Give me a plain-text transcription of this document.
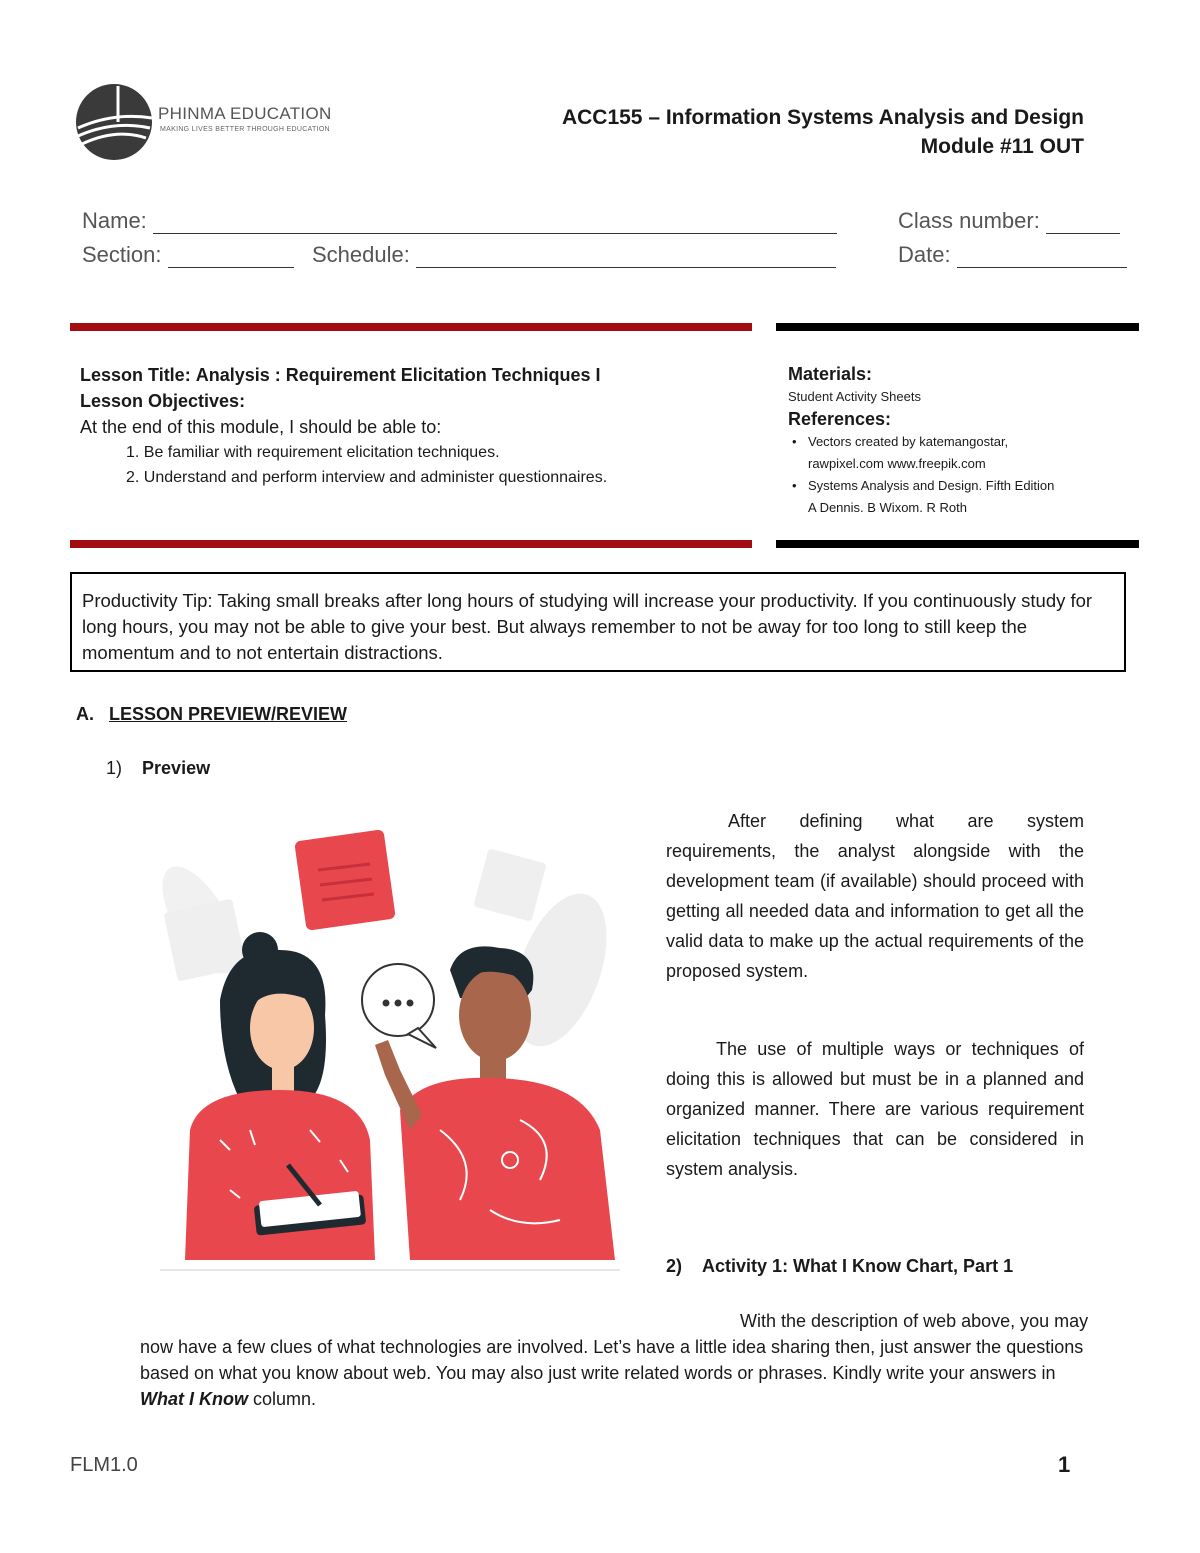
PHINMA EDUCATION
MAKING LIVES BETTER THROUGH EDUCATION
ACC155 – Information Systems Analysis and Design
Module #11 OUT
Name:	Class number:
Section:	Schedule:	Date:
Lesson Title: Analysis : Requirement Elicitation Techniques I
Lesson Objectives:
At the end of this module, I should be able to:
1. Be familiar with requirement elicitation techniques.
2. Understand and perform interview and administer questionnaires.
Materials:
Student Activity Sheets
References:
• Vectors created by katemangostar,
rawpixel.com www.freepik.com
• Systems Analysis and Design. Fifth Edition
A Dennis. B Wixom. R Roth
Productivity Tip: Taking small breaks after long hours of studying will increase your productivity. If you continuously study for long hours, you may not be able to give your best. But always remember to not be away for too long to still keep the momentum and to not entertain distractions.
A. LESSON PREVIEW/REVIEW
1) Preview
After defining what are system requirements, the analyst alongside with the development team (if available) should proceed with getting all needed data and information to get all the valid data to make up the actual requirements of the proposed system.
The use of multiple ways or techniques of doing this is allowed but must be in a planned and organized manner. There are various requirement elicitation techniques that can be considered in system analysis.
2) Activity 1: What I Know Chart, Part 1
With the description of web above, you may now have a few clues of what technologies are involved. Let’s have a little idea sharing then, just answer the questions based on what you know about web. You may also just write related words or phrases. Kindly write your answers in What I Know column.
FLM1.0	1
